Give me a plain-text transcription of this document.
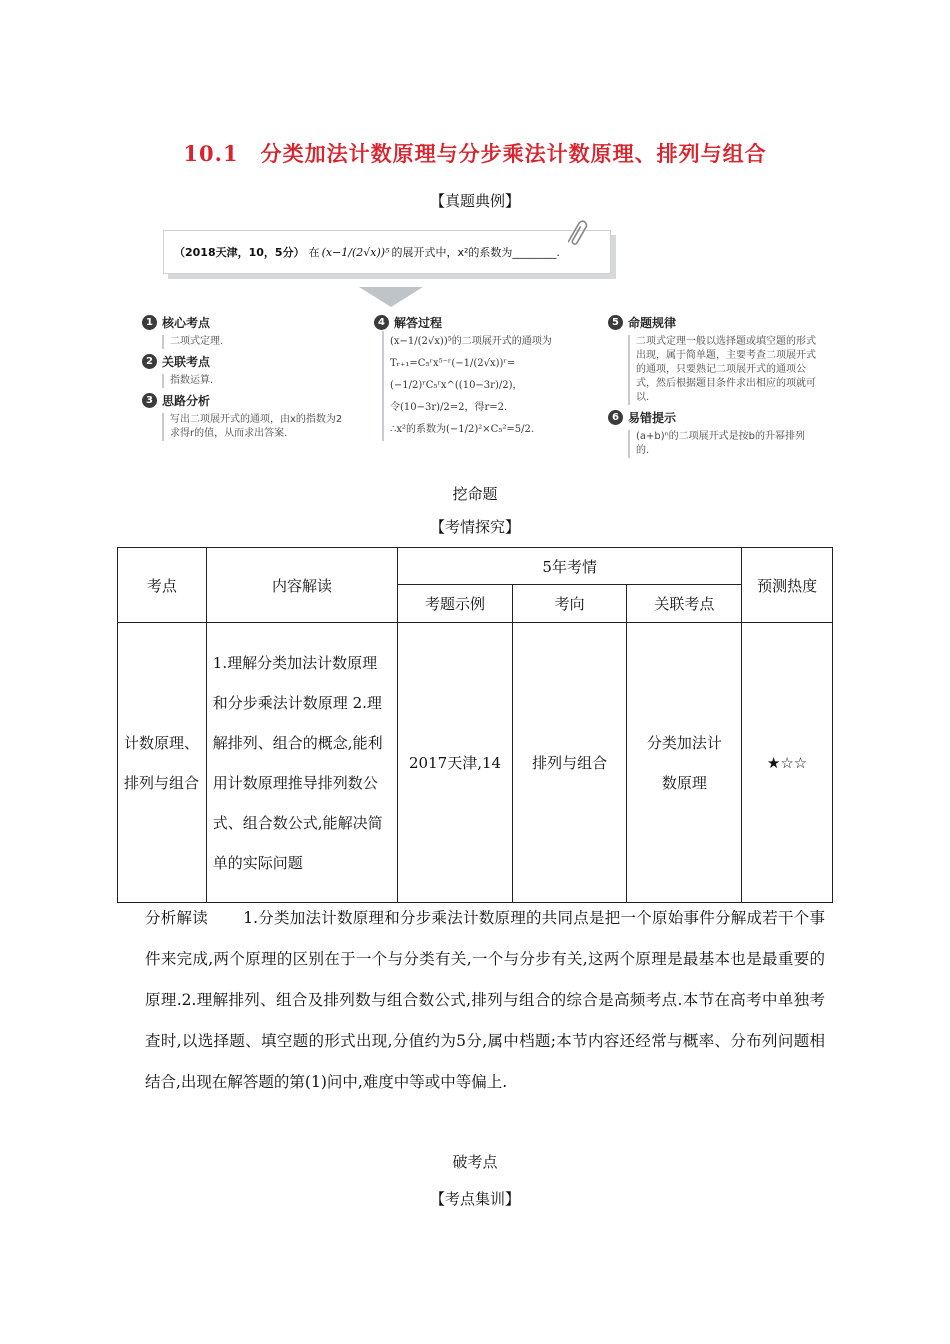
10.1　分类加法计数原理与分步乘法计数原理、排列与组合
【真题典例】
（2018天津，10，5分） 在 (x−1/(2√x))⁵ 的展开式中，x²的系数为________.
1 核心考点
二项式定理.
2 关联考点
指数运算.
3 思路分析
写出二项展开式的通项，由x的指数为2求得r的值，从而求出答案.
4 解答过程
(x−1/(2√x))⁵的二项展开式的通项为
Tᵣ₊₁=C₅ʳx⁵⁻ʳ(−1/(2√x))ʳ=(−1/2)ʳC₅ʳx^((10−3r)/2)，
令(10−3r)/2=2，得r=2.
∴x²的系数为(−1/2)²×C₅²=5/2.
5 命题规律
二项式定理一般以选择题或填空题的形式出现，属于简单题，主要考查二项展开式的通项，只要熟记二项展开式的通项公式，然后根据题目条件求出相应的项就可以.
6 易错提示
(a+b)ⁿ的二项展开式是按b的升幂排列的.
挖命题
【考情探究】
考点	内容解读	5年考情			预测热度
		考题示例	考向	关联考点	
计数原理、排列与组合	1.理解分类加法计数原理和分步乘法计数原理 2.理解排列、组合的概念,能利用计数原理推导排列数公式、组合数公式,能解决简单的实际问题	2017天津,14	排列与组合	分类加法计数原理	★☆☆
分析解读 1.分类加法计数原理和分步乘法计数原理的共同点是把一个原始事件分解成若干个事件来完成,两个原理的区别在于一个与分类有关,一个与分步有关,这两个原理是最基本也是最重要的原理.2.理解排列、组合及排列数与组合数公式,排列与组合的综合是高频考点.本节在高考中单独考查时,以选择题、填空题的形式出现,分值约为5分,属中档题;本节内容还经常与概率、分布列问题相结合,出现在解答题的第(1)问中,难度中等或中等偏上.
破考点
【考点集训】
